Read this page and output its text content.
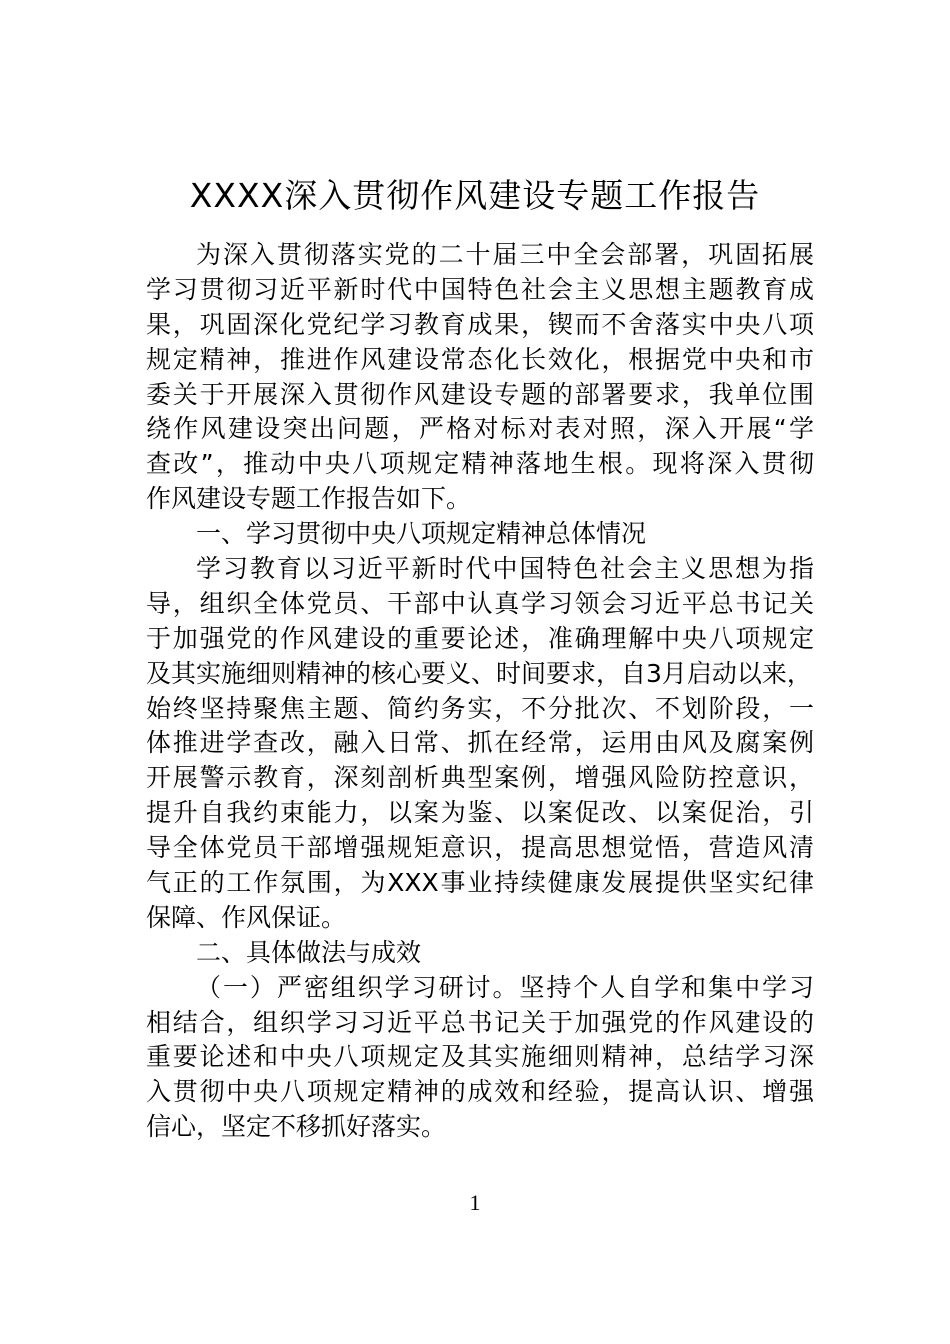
XXXX深入贯彻作风建设专题工作报告
为深入贯彻落实党的二十届三中全会部署，巩固拓展
学习贯彻习近平新时代中国特色社会主义思想主题教育成
果，巩固深化党纪学习教育成果，锲而不舍落实中央八项
规定精神，推进作风建设常态化长效化，根据党中央和市
委关于开展深入贯彻作风建设专题的部署要求，我单位围
绕作风建设突出问题，严格对标对表对照，深入开展“学
查改”，推动中央八项规定精神落地生根。现将深入贯彻
作风建设专题工作报告如下。
一、学习贯彻中央八项规定精神总体情况
学习教育以习近平新时代中国特色社会主义思想为指
导，组织全体党员、干部中认真学习领会习近平总书记关
于加强党的作风建设的重要论述，准确理解中央八项规定
及其实施细则精神的核心要义、时间要求，自3月启动以来，
始终坚持聚焦主题、简约务实，不分批次、不划阶段，一
体推进学查改，融入日常、抓在经常，运用由风及腐案例
开展警示教育，深刻剖析典型案例，增强风险防控意识，
提升自我约束能力，以案为鉴、以案促改、以案促治，引
导全体党员干部增强规矩意识，提高思想觉悟，营造风清
气正的工作氛围，为XXX事业持续健康发展提供坚实纪律
保障、作风保证。
二、具体做法与成效
（一）严密组织学习研讨。坚持个人自学和集中学习
相结合，组织学习习近平总书记关于加强党的作风建设的
重要论述和中央八项规定及其实施细则精神，总结学习深
入贯彻中央八项规定精神的成效和经验，提高认识、增强
信心，坚定不移抓好落实。
1
